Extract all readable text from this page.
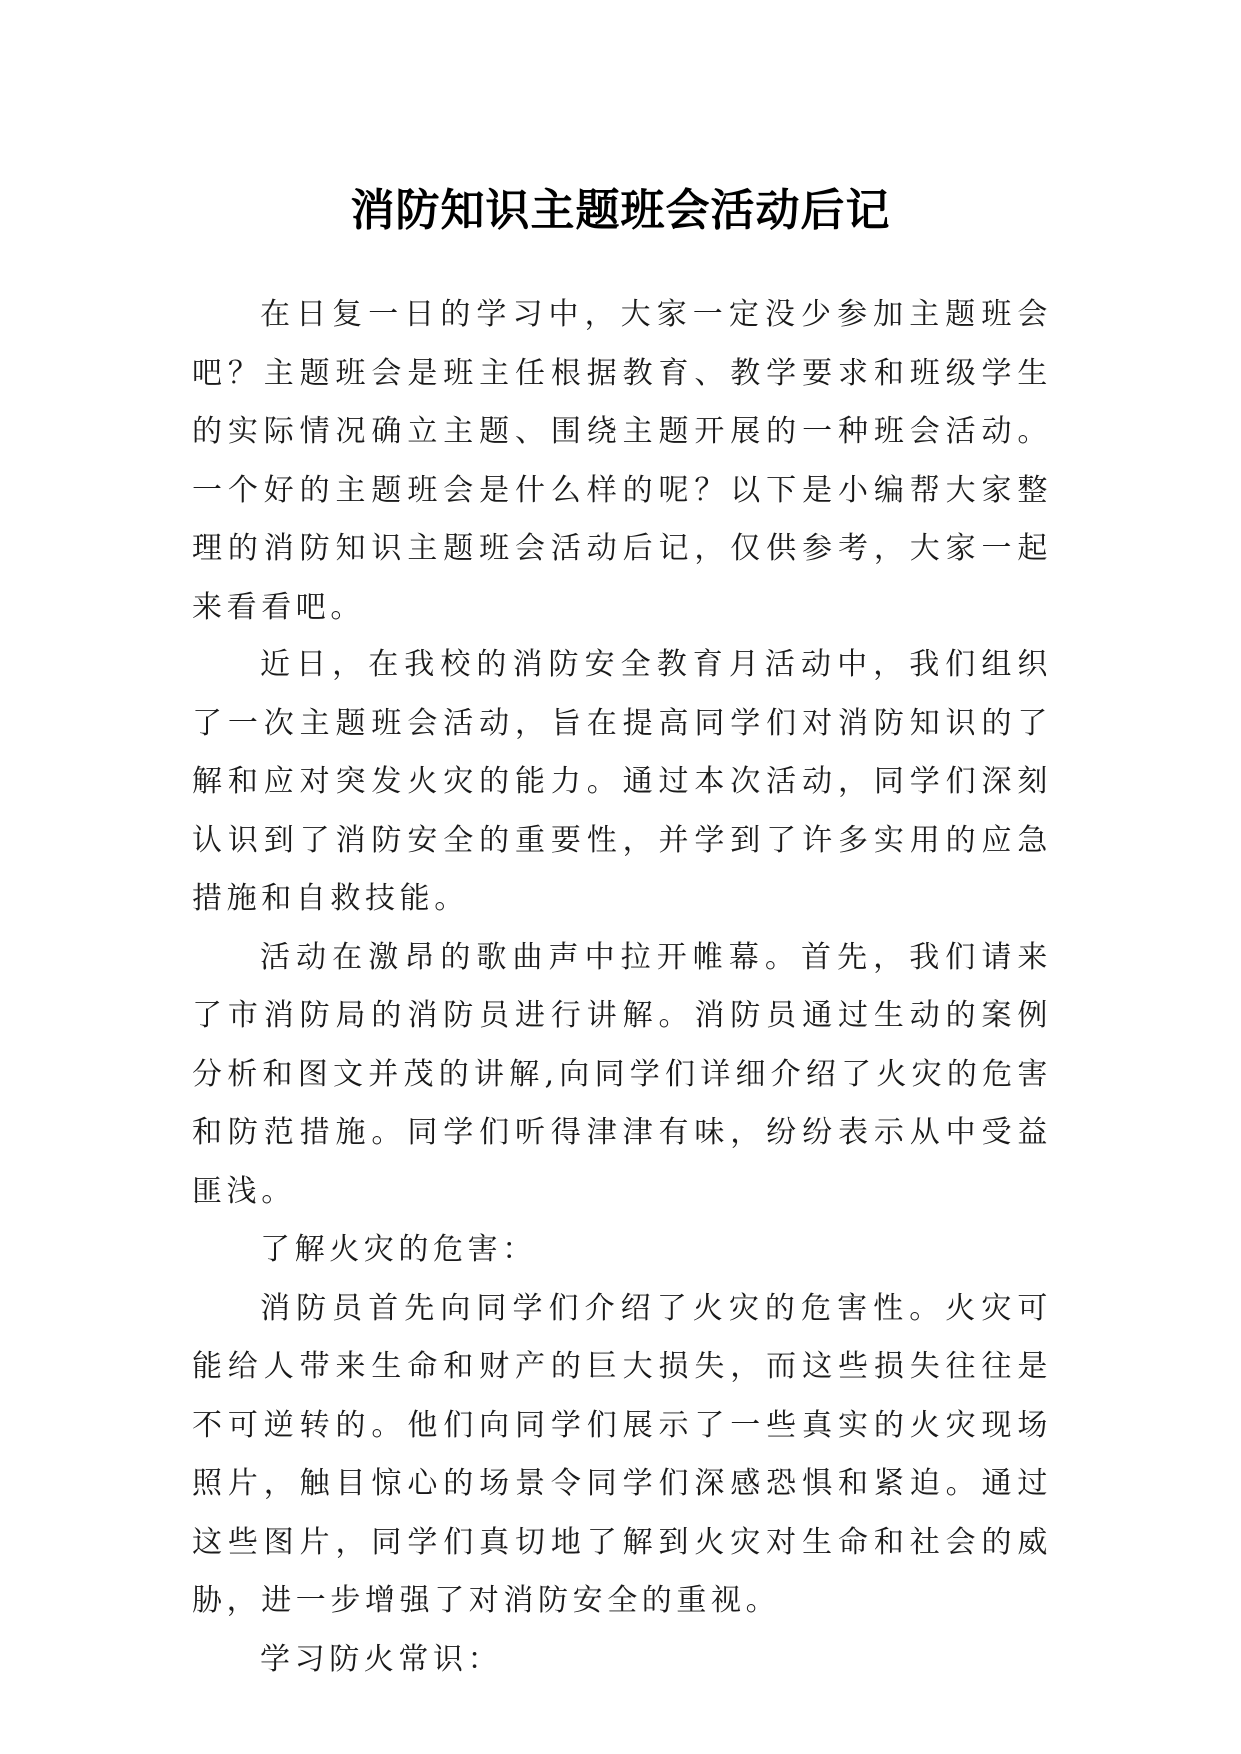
消防知识主题班会活动后记

在日复一日的学习中，大家一定没少参加主题班会吧？主题班会是班主任根据教育、教学要求和班级学生的实际情况确立主题、围绕主题开展的一种班会活动。一个好的主题班会是什么样的呢？以下是小编帮大家整理的消防知识主题班会活动后记，仅供参考，大家一起来看看吧。

近日，在我校的消防安全教育月活动中，我们组织了一次主题班会活动，旨在提高同学们对消防知识的了解和应对突发火灾的能力。通过本次活动，同学们深刻认识到了消防安全的重要性，并学到了许多实用的应急措施和自救技能。

活动在激昂的歌曲声中拉开帷幕。首先，我们请来了市消防局的消防员进行讲解。消防员通过生动的案例分析和图文并茂的讲解,向同学们详细介绍了火灾的危害和防范措施。同学们听得津津有味，纷纷表示从中受益匪浅。

了解火灾的危害：

消防员首先向同学们介绍了火灾的危害性。火灾可能给人带来生命和财产的巨大损失，而这些损失往往是不可逆转的。他们向同学们展示了一些真实的火灾现场照片，触目惊心的场景令同学们深感恐惧和紧迫。通过这些图片，同学们真切地了解到火灾对生命和社会的威胁，进一步增强了对消防安全的重视。

学习防火常识：
